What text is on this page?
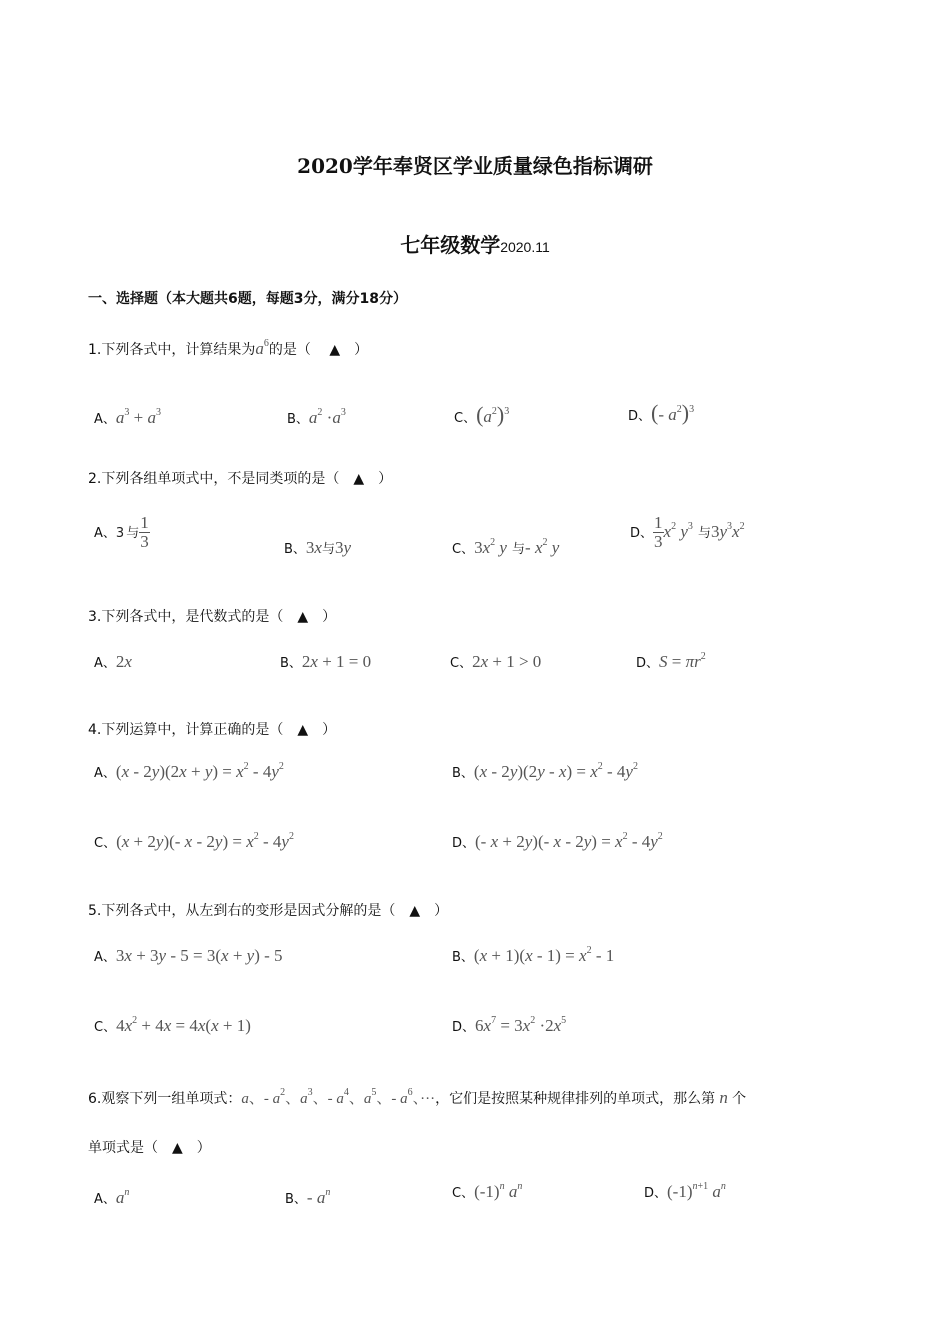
2020学年奉贤区学业质量绿色指标调研
七年级数学2020.11
一、选择题（本大题共6题，每题3分，满分18分）
1.下列各式中，计算结果为$a^6$的是（ ▲ ）
A、$a^3 + a^3$	B、$a^2 \cdot a^3$	C、$(a^2)^3$	D、(- $a^2)^3$
2.下列各组单项式中，不是同类项的是（ ▲ ）
A、3 与 $\frac{1}{3}$	B、3x与3y	C、$3x^2$ y 与- $x^2$ y
D、 $\frac{1}{3} x^2$ $y^3$ 与$3y^3x^2$
3.下列各式中，是代数式的是（ ▲ ）
A、2x	B、2x + 1 = 0	C、2x + 1 > 0	D、$S = \pi r^2$
4.下列运算中，计算正确的是（ ▲ ）
A、$(x - 2y)(2x + y) = x^2 - 4y^2$	B、$(x - 2y)(2y - x) = x^2 - 4y^2$
C、(x + 2y)(- $x - 2y) = x^2 - 4y^2$	D、(- x + 2y)(- $x - 2y) = x^2 - 4y^2$
5.下列各式中，从左到右的变形是因式分解的是（ ▲ ）
A、3x + 3y - 5 = 3(x + y) - 5	B、$(x + 1)(x - 1) = x^2 - 1$
C、$4x^2 + 4x = 4x(x + 1)$	D、$6x^7 = 3x^2 \cdot 2x^5$
6.观察下列一组单项式：a、- $a^2$、$a^3$、- $a^4$、$a^5$、- $a^6$、···，它们是按照某种规律排列的单项式，那么第 n 个
单项式是（ ▲ ）
A、$a^n$	B、- $a^n$	C、$(-1)^n$ $a^n$	D、$(-1)^{n+1}$ $a^n$
